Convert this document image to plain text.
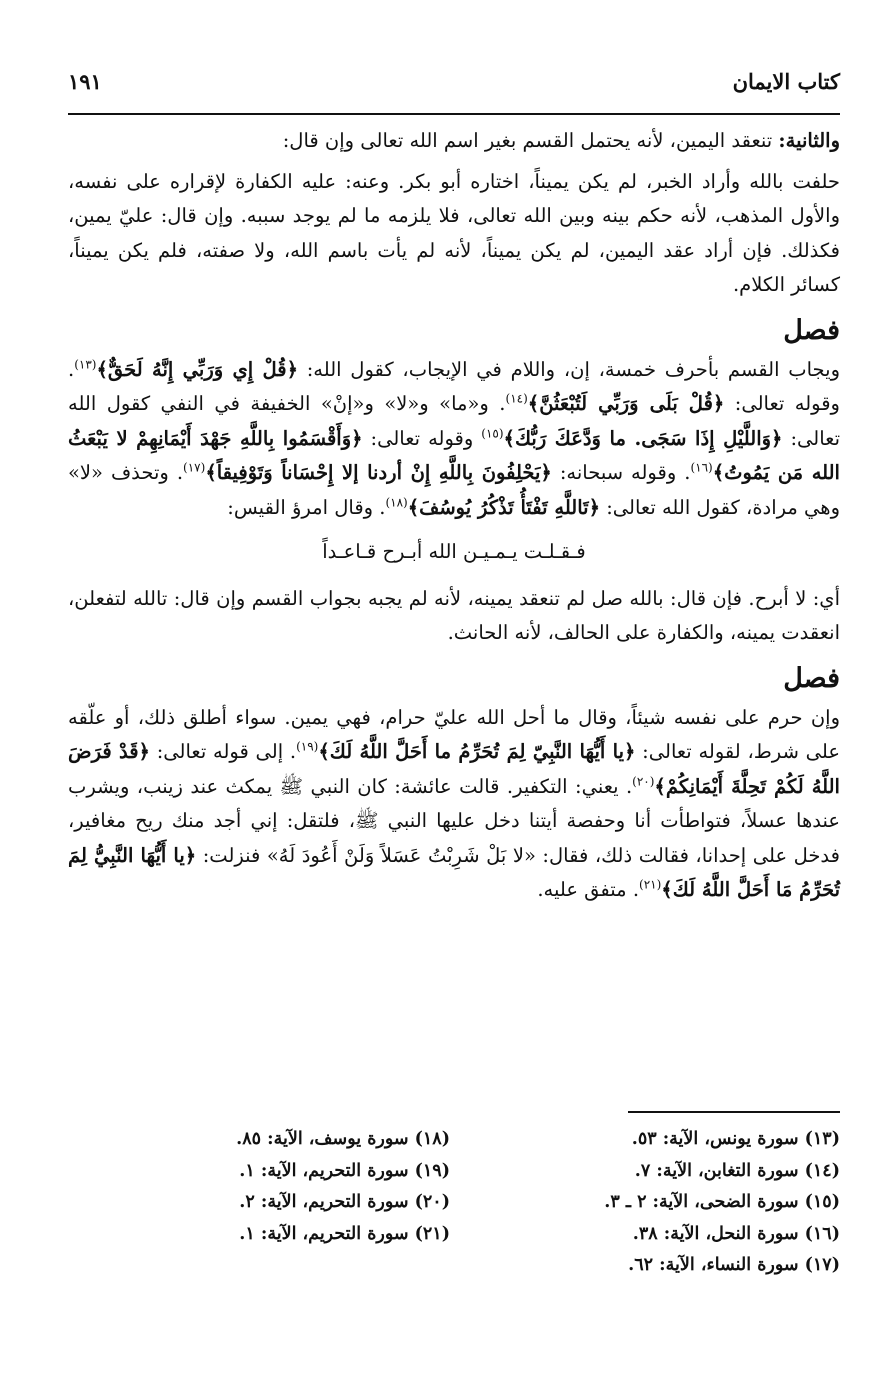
كتاب الايمان
١٩١

والثانية: تنعقد اليمين، لأنه يحتمل القسم بغير اسم الله تعالى وإن قال:

حلفت بالله وأراد الخبر، لم يكن يميناً، اختاره أبو بكر. وعنه: عليه الكفارة لإقراره على نفسه، والأول المذهب، لأنه حكم بينه وبين الله تعالى، فلا يلزمه ما لم يوجد سببه. وإن قال: عليّ يمين، فكذلك. فإن أراد عقد اليمين، لم يكن يميناً، لأنه لم يأت باسم الله، ولا صفته، فلم يكن يميناً، كسائر الكلام.

فصل

ويجاب القسم بأحرف خمسة، إن، واللام في الإيجاب، كقول الله: ﴿قُلْ إِي وَرَبِّي إِنَّهُ لَحَقٌّ﴾$^{(١٣)}$. وقوله تعالى: ﴿قُلْ بَلَى وَرَبِّي لَتُبْعَثُنَّ﴾$^{(١٤)}$. و«ما» و«لا» و«إنْ» الخفيفة في النفي كقول الله تعالى: ﴿وَاللَّيْلِ إِذَا سَجَى. ما وَدَّعَكَ رَبُّكَ﴾$^{(١٥)}$ وقوله تعالى: ﴿وَأَقْسَمُوا بِاللَّهِ جَهْدَ أَيْمَانِهِمْ لا يَبْعَثُ الله مَن يَمُوتُ﴾$^{(١٦)}$. وقوله سبحانه: ﴿يَحْلِفُونَ بِاللَّهِ إِنْ أردنا إلا إِحْسَاناً وَتَوْفِيقاً﴾$^{(١٧)}$. وتحذف «لا» وهي مرادة، كقول الله تعالى: ﴿تَاللَّهِ تَفْتَأُ تَذْكُرُ يُوسُفَ﴾$^{(١٨)}$. وقال امرؤ القيس:

فـقـلـت يـمـيـن الله أبـرح قـاعـداً

أي: لا أبرح. فإن قال: بالله صل لم تنعقد يمينه، لأنه لم يجبه بجواب القسم وإن قال: تالله لتفعلن، انعقدت يمينه، والكفارة على الحالف، لأنه الحانث.

فصل

وإن حرم على نفسه شيئاً، وقال ما أحل الله عليّ حرام، فهي يمين. سواء أطلق ذلك، أو علّقه على شرط، لقوله تعالى: ﴿يا أَيُّهَا النَّبِيّ لِمَ تُحَرِّمُ ما أَحَلَّ اللَّهُ لَكَ﴾$^{(١٩)}$. إلى قوله تعالى: ﴿قَدْ فَرَضَ اللَّهُ لَكُمْ تَحِلَّةَ أَيْمَانِكُمْ﴾$^{(٢٠)}$. يعني: التكفير. قالت عائشة: كان النبي ﷺ يمكث عند زينب، ويشرب عندها عسلاً، فتواطأت أنا وحفصة أيتنا دخل عليها النبي ﷺ، فلتقل: إني أجد منك ريح مغافير، فدخل على إحدانا، فقالت ذلك، فقال: «لا بَلْ شَرِبْتُ عَسَلاً وَلَنْ أَعُودَ لَهُ» فنزلت: ﴿يا أَيُّهَا النَّبِيُّ لِمَ تُحَرِّمُ مَا أَحَلَّ اللَّهُ لَكَ﴾$^{(٢١)}$. متفق عليه.

(١٣) سورة يونس، الآية: ٥٣.
(١٤) سورة التغابن، الآية: ٧.
(١٥) سورة الضحى، الآية: ٢ ـ ٣.
(١٦) سورة النحل، الآية: ٣٨.
(١٧) سورة النساء، الآية: ٦٢.
(١٨) سورة يوسف، الآية: ٨٥.
(١٩) سورة التحريم، الآية: ١.
(٢٠) سورة التحريم، الآية: ٢.
(٢١) سورة التحريم، الآية: ١.
